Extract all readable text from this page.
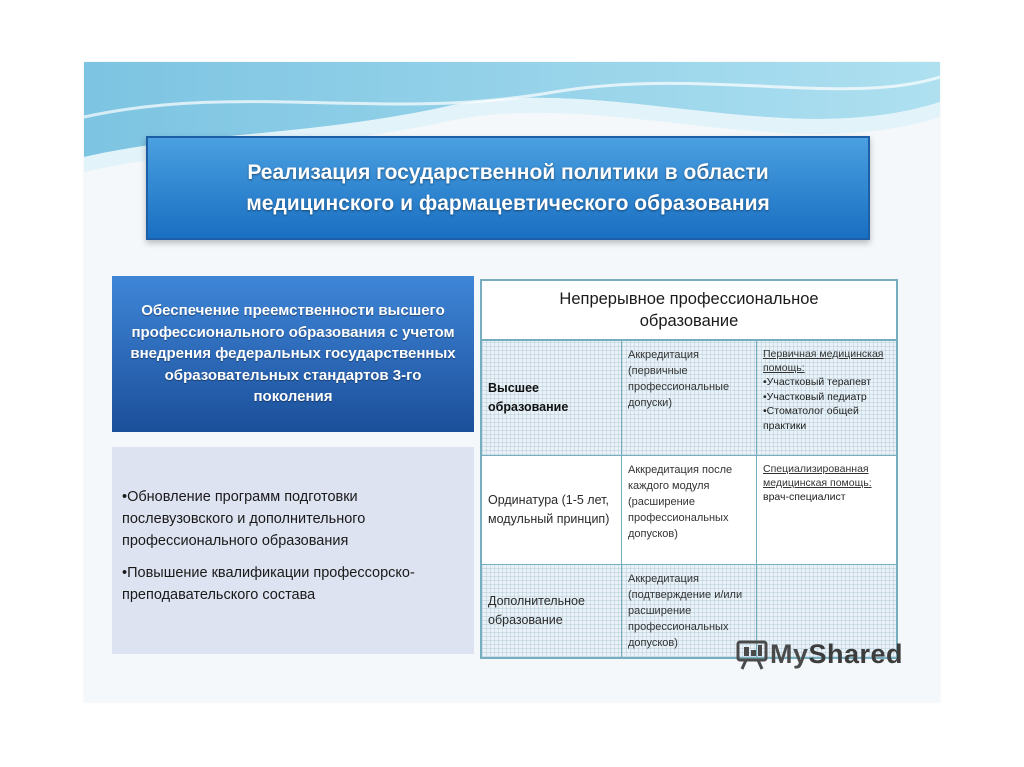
Реализация государственной политики в области медицинского и фармацевтического образования
Обеспечение преемственности высшего профессионального образования с учетом внедрения федеральных государственных образовательных стандартов 3-го поколения

•Обновление программ подготовки послевузовского и дополнительного профессионального образования

•Повышение квалификации профессорско-преподавательского состава

Непрерывное профессиональное образование
Высшее образование
Аккредитация (первичные профессиональные допуски)
Первичная медицинская помощь:
•Участковый терапевт
•Участковый педиатр
•Стоматолог общей практики
Ординатура (1-5 лет, модульный принцип)
Аккредитация после каждого модуля (расширение профессиональных допусков)
Специализированная медицинская помощь:
врач-специалист
Дополнительное образование
Аккредитация (подтверждение и/или расширение профессиональных допусков)	MyShared
